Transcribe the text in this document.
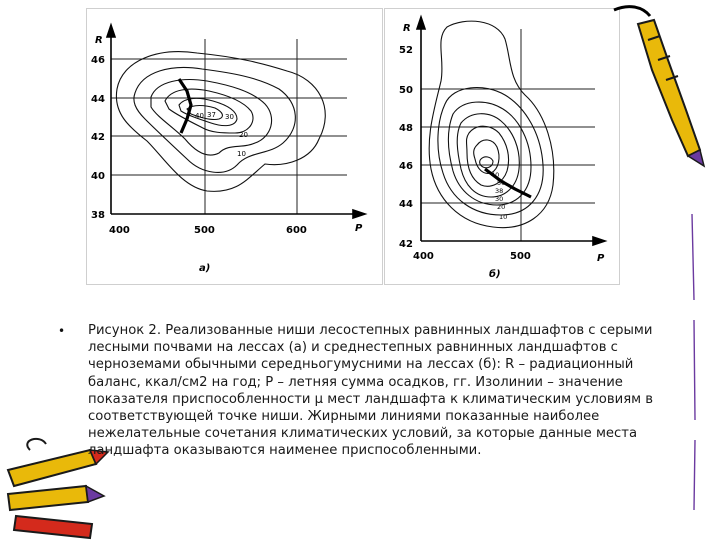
40 37 30
20
10
R
P
46
44
42
40
38
400	500	600
а)
40
50
38
30
20
10
R
P
52
50
48
46
44
42
400	500
б)
• Рисунок 2. Реализованные ниши лесостепных равнинных ландшафтов с серыми лесными почвами на лессах (а) и среднестепных равнинных ландшафтов с черноземами обычными середньогумусними на лессах (б): R – радиационный баланс, ккал/см2 на год; P – летняя сумма осадков, гг. Изолинии – значение показателя приспособленности μ мест ландшафта к климатическим условиям в соответствующей точке ниши. Жирными линиями показанные наиболее нежелательные сочетания климатических условий, за которые данные места ландшафта оказываются наименее приспособленными.
